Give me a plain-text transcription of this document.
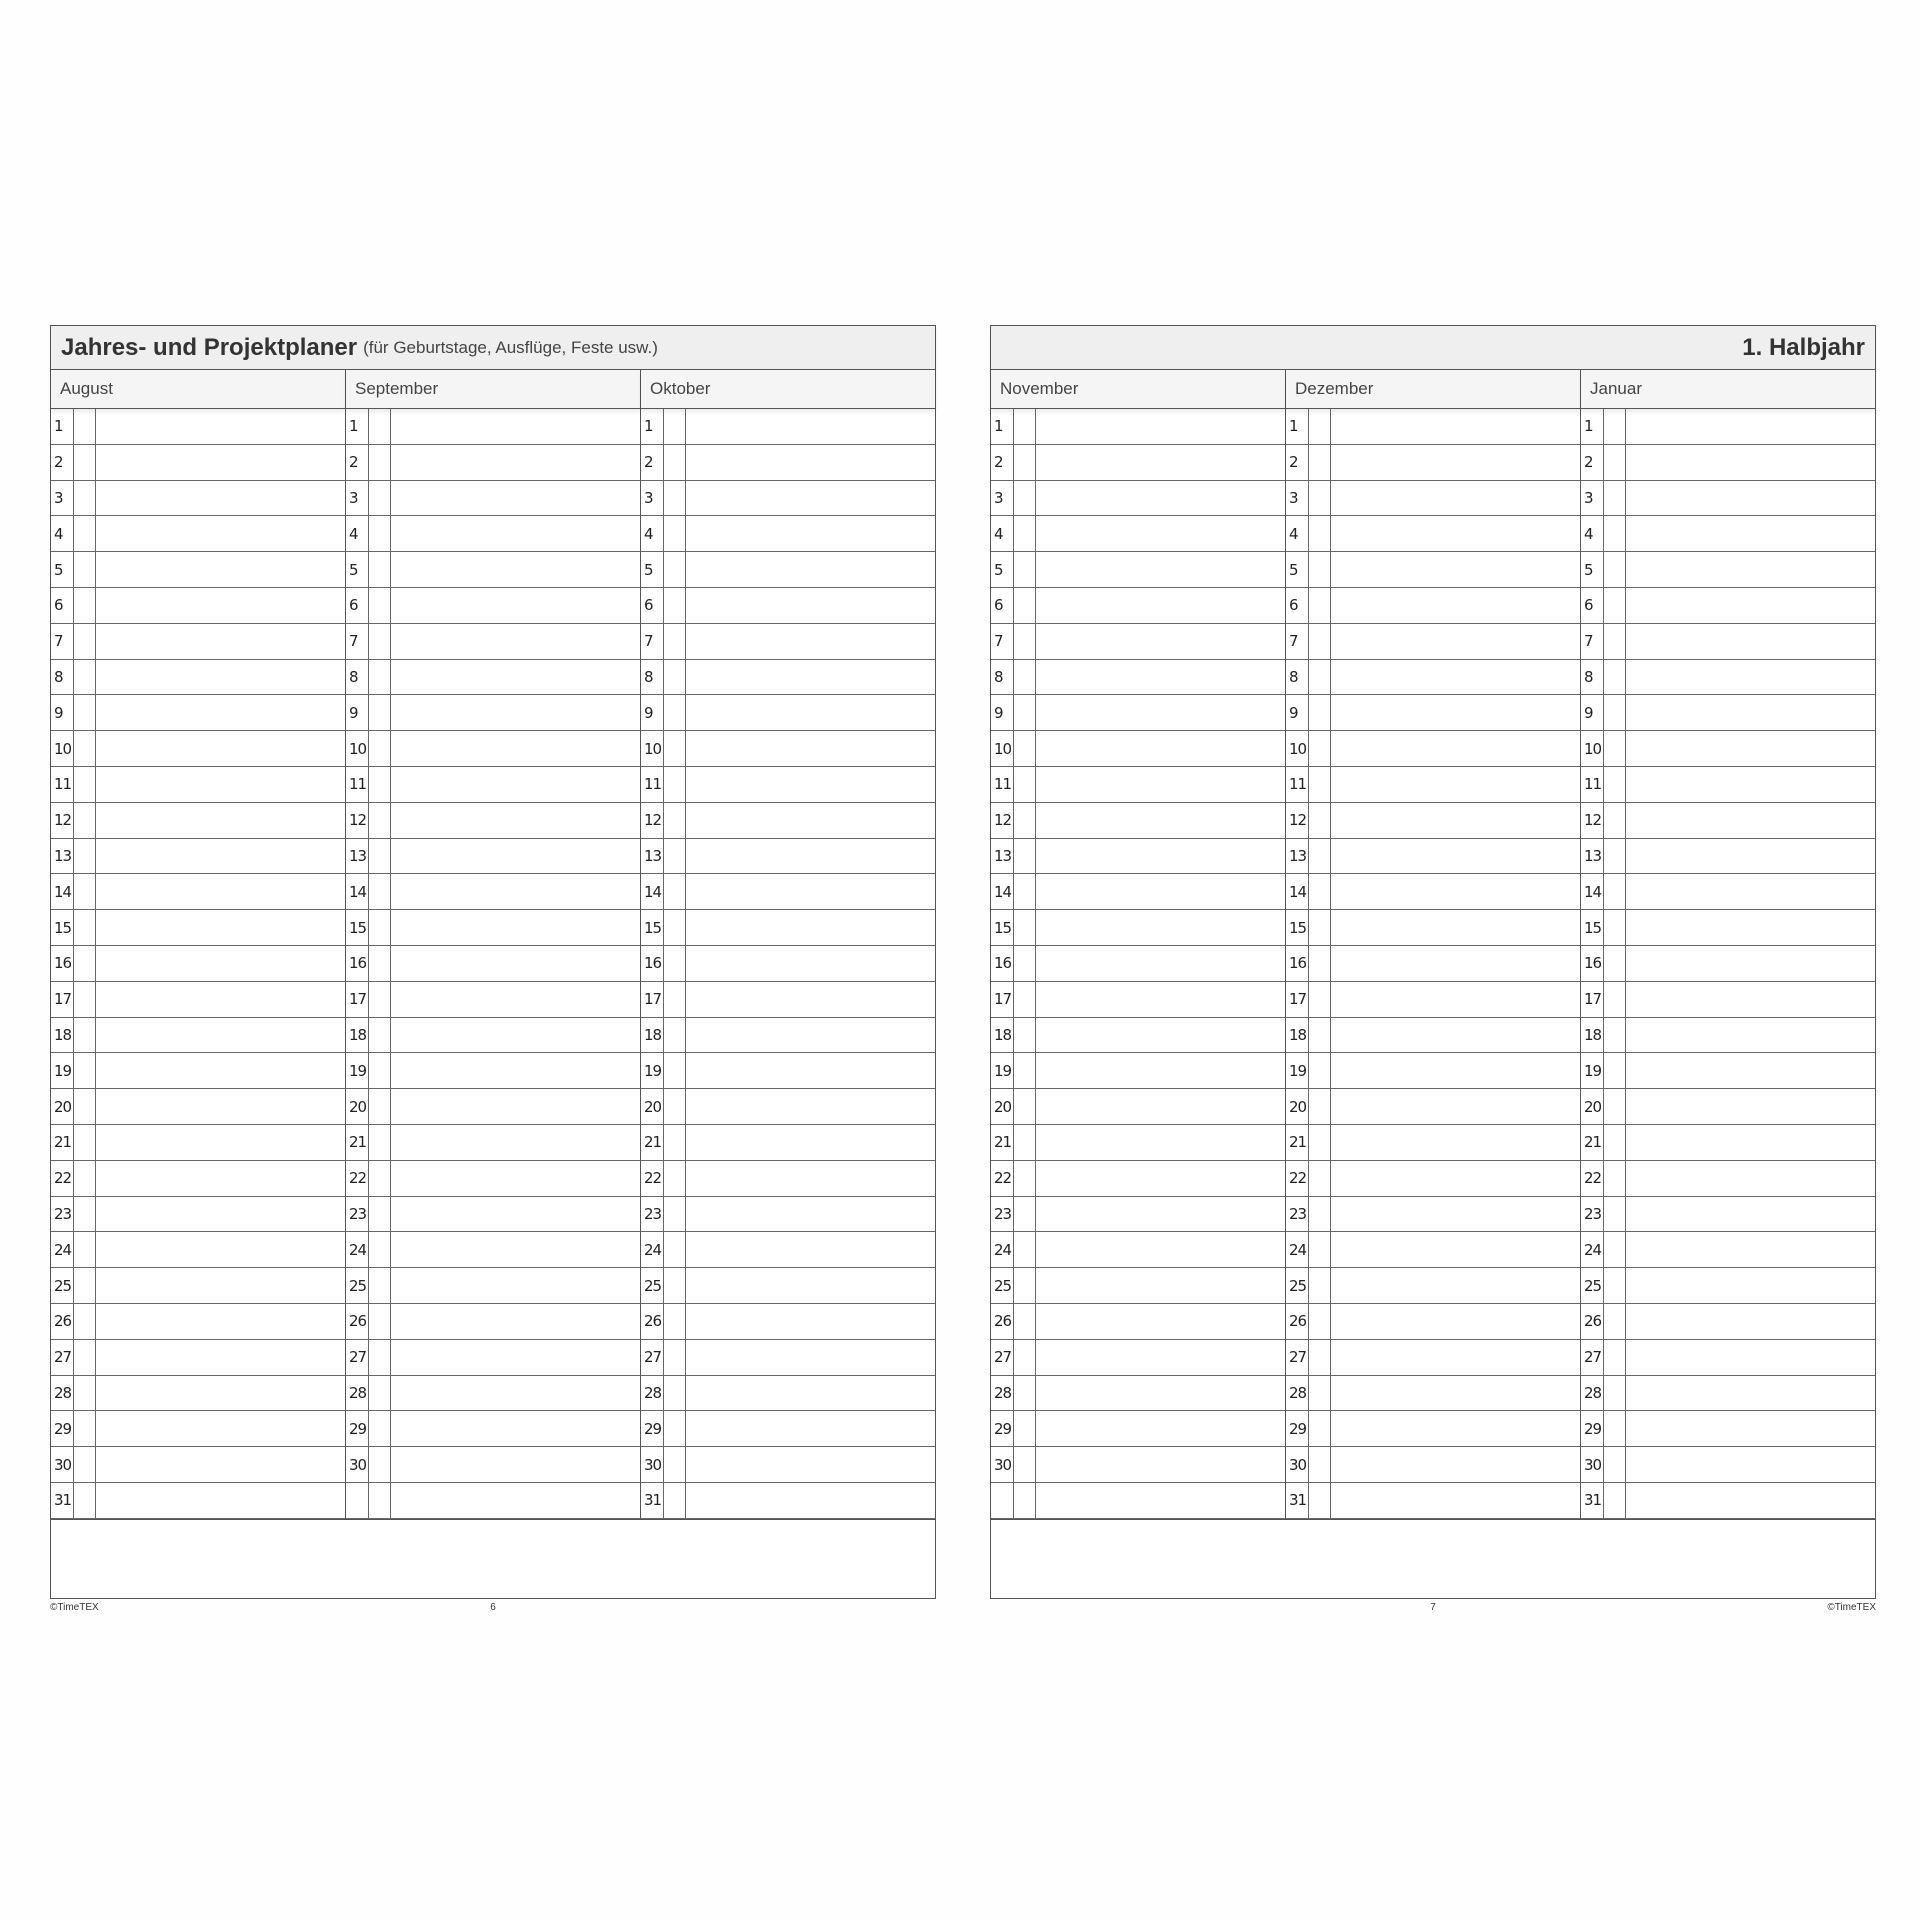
Jahres- und Projektplaner (für Geburtstage, Ausflüge, Feste usw.)
August
1
2
3
4
5
6
7
8
9
10
11
12
13
14
15
16
17
18
19
20
21
22
23
24
25
26
27
28
29
30
31
September
1
2
3
4
5
6
7
8
9
10
11
12
13
14
15
16
17
18
19
20
21
22
23
24
25
26
27
28
29
30
Oktober
1
2
3
4
5
6
7
8
9
10
11
12
13
14
15
16
17
18
19
20
21
22
23
24
25
26
27
28
29
30
31
©TimeTEX	6
1. Halbjahr
November
1
2
3
4
5
6
7
8
9
10
11
12
13
14
15
16
17
18
19
20
21
22
23
24
25
26
27
28
29
30
Dezember
1
2
3
4
5
6
7
8
9
10
11
12
13
14
15
16
17
18
19
20
21
22
23
24
25
26
27
28
29
30
31
Januar
1
2
3
4
5
6
7
8
9
10
11
12
13
14
15
16
17
18
19
20
21
22
23
24
25
26
27
28
29
30
31
7	©TimeTEX
